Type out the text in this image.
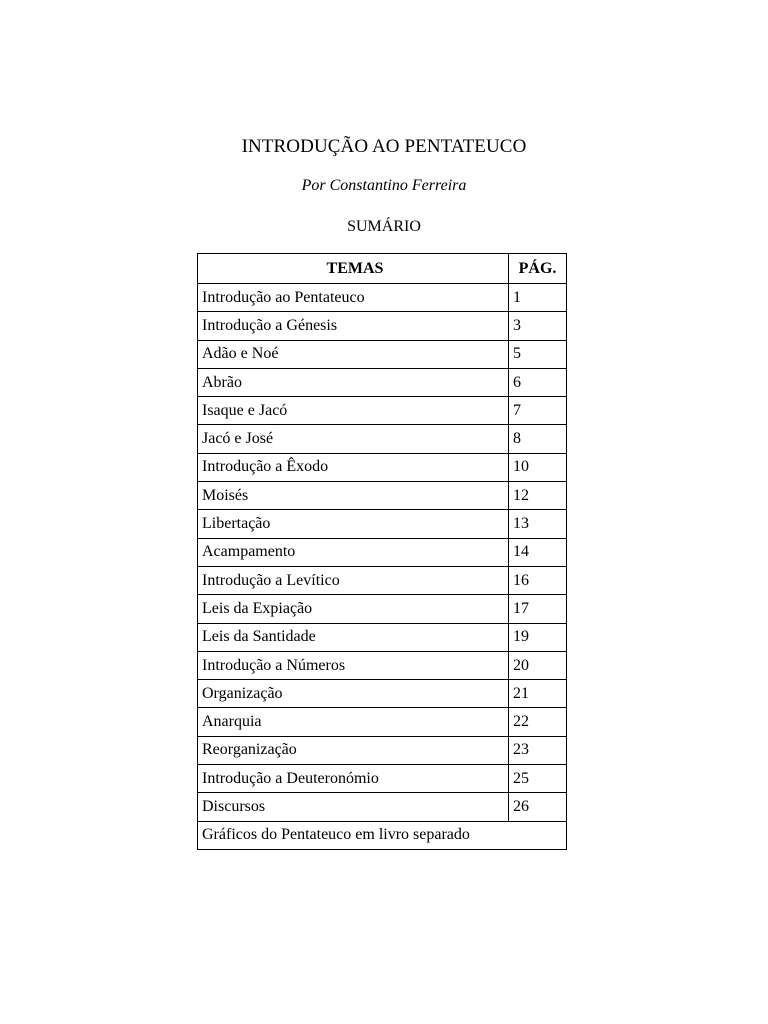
INTRODUÇÃO AO PENTATEUCO
Por Constantino Ferreira
SUMÁRIO
TEMAS	PÁG.
Introdução ao Pentateuco	1
Introdução a Génesis	3
Adão e Noé	5
Abrão	6
Isaque e Jacó	7
Jacó e José	8
Introdução a Êxodo	10
Moisés	12
Libertação	13
Acampamento	14
Introdução a Levítico	16
Leis da Expiação	17
Leis da Santidade	19
Introdução a Números	20
Organização	21
Anarquia	22
Reorganização	23
Introdução a Deuteronómio	25
Discursos	26
Gráficos do Pentateuco em livro separado	
